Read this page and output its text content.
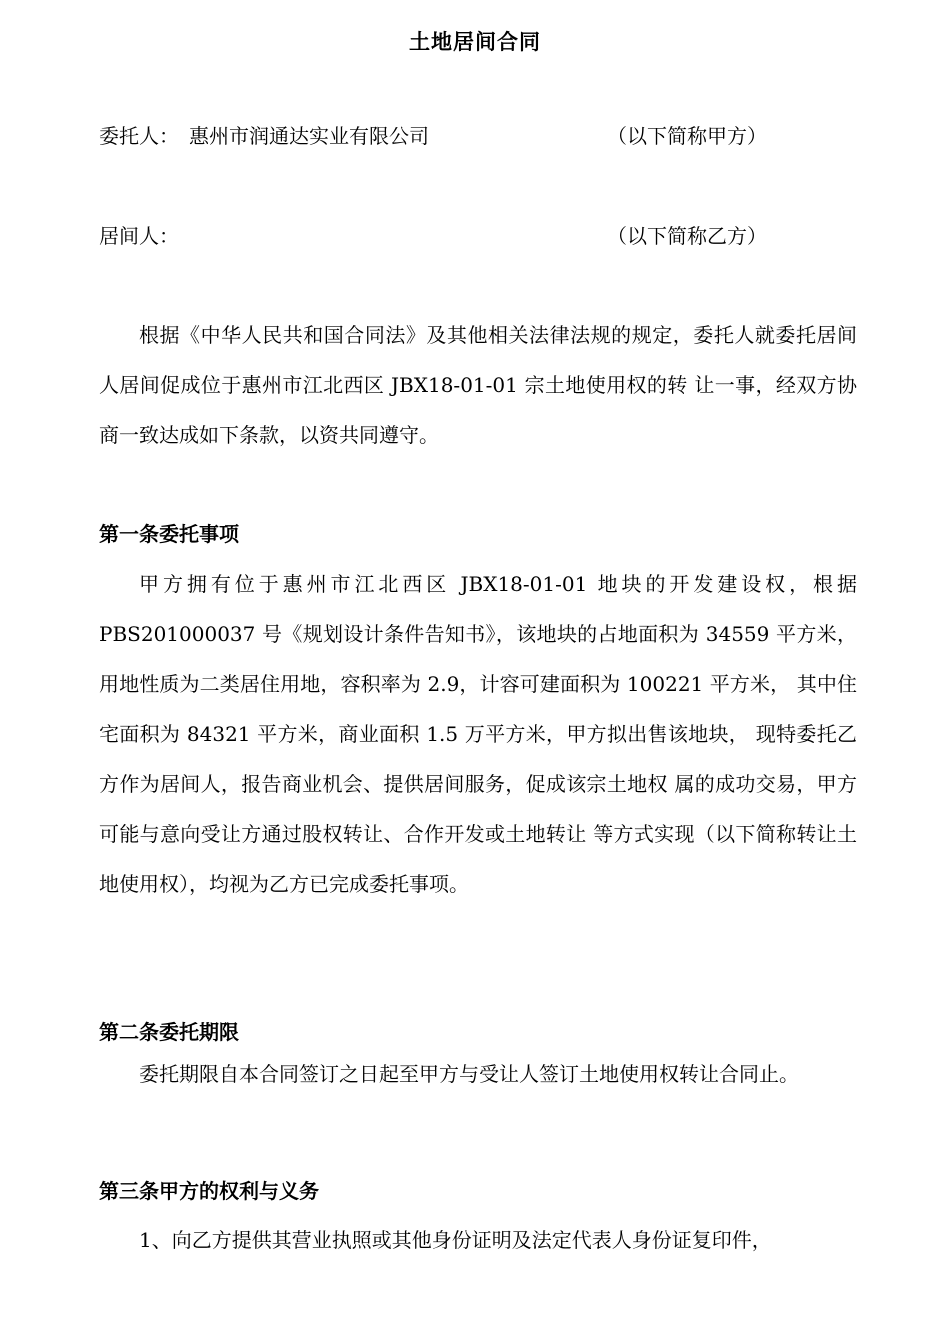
土地居间合同
委托人： 惠州市润通达实业有限公司	（以下简称甲方）
居间人：	（以下简称乙方）

根据《中华人民共和国合同法》及其他相关法律法规的规定，委托人就委托居间人居间促成位于惠州市江北西区 JBX18-01-01 宗土地使用权的转 让一事，经双方协商一致达成如下条款，以资共同遵守。

第一条委托事项

甲方拥有位于惠州市江北西区 JBX18-01-01 地块的开发建设权，根据 PBS201000037 号《规划设计条件告知书》，该地块的占地面积为 34559 平方米， 用地性质为二类居住用地，容积率为 2.9，计容可建面积为 100221 平方米， 其中住宅面积为 84321 平方米，商业面积 1.5 万平方米，甲方拟出售该地块， 现特委托乙方作为居间人，报告商业机会、提供居间服务，促成该宗土地权 属的成功交易，甲方可能与意向受让方通过股权转让、合作开发或土地转让 等方式实现（以下简称转让土地使用权），均视为乙方已完成委托事项。

第二条委托期限

委托期限自本合同签订之日起至甲方与受让人签订土地使用权转让合同止。

第三条甲方的权利与义务

1、向乙方提供其营业执照或其他身份证明及法定代表人身份证复印件，
